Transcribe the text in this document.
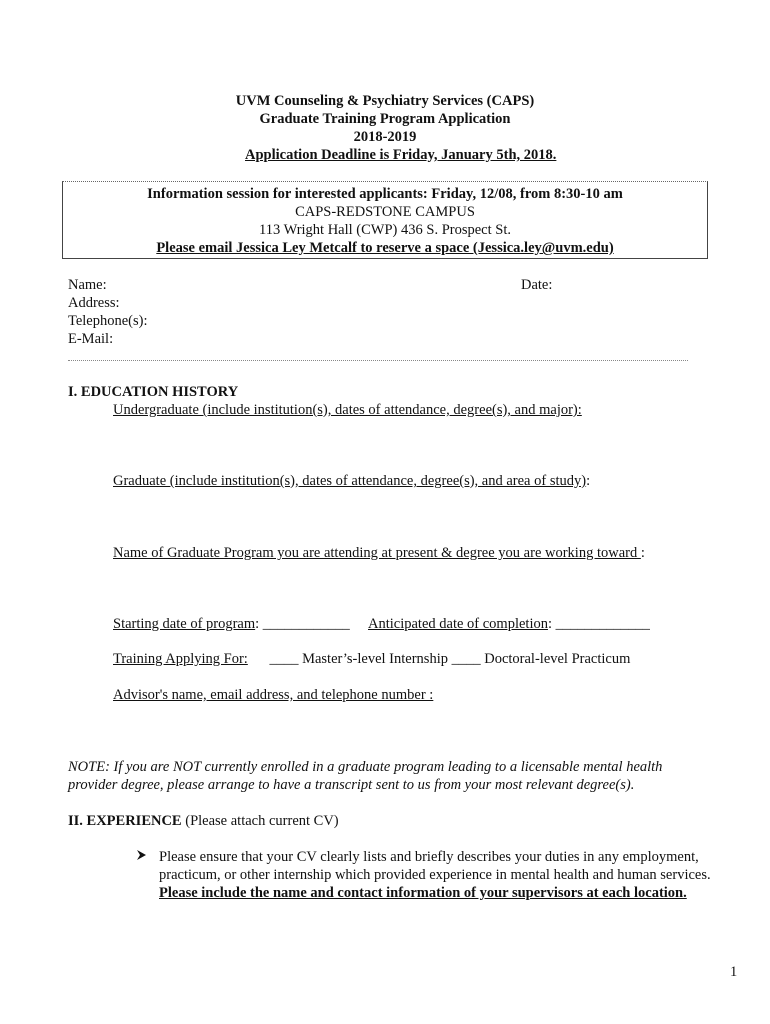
UVM Counseling & Psychiatry Services (CAPS)
Graduate Training Program Application
2018-2019
Application Deadline is Friday, January 5th, 2018.
Information session for interested applicants: Friday, 12/08, from 8:30-10 am
CAPS-REDSTONE CAMPUS
113 Wright Hall (CWP) 436 S. Prospect St.
Please email Jessica Ley Metcalf to reserve a space (Jessica.ley@uvm.edu)
Name:	Date:
Address:
Telephone(s):
E-Mail:
I. EDUCATION HISTORY
Undergraduate (include institution(s), dates of attendance, degree(s), and major):
Graduate (include institution(s), dates of attendance, degree(s), and area of study):
Name of Graduate Program you are attending at present & degree you are working toward :
Starting date of program: ____________ Anticipated date of completion: _____________
Training Applying For: ____ Master’s-level Internship ____ Doctoral-level Practicum
Advisor's name, email address, and telephone number :
NOTE: If you are NOT currently enrolled in a graduate program leading to a licensable mental health
provider degree, please arrange to have a transcript sent to us from your most relevant degree(s).
II. EXPERIENCE (Please attach current CV)
Please ensure that your CV clearly lists and briefly describes your duties in any employment, practicum, or other internship which provided experience in mental health and human services. Please include the name and contact information of your supervisors at each location.
1
